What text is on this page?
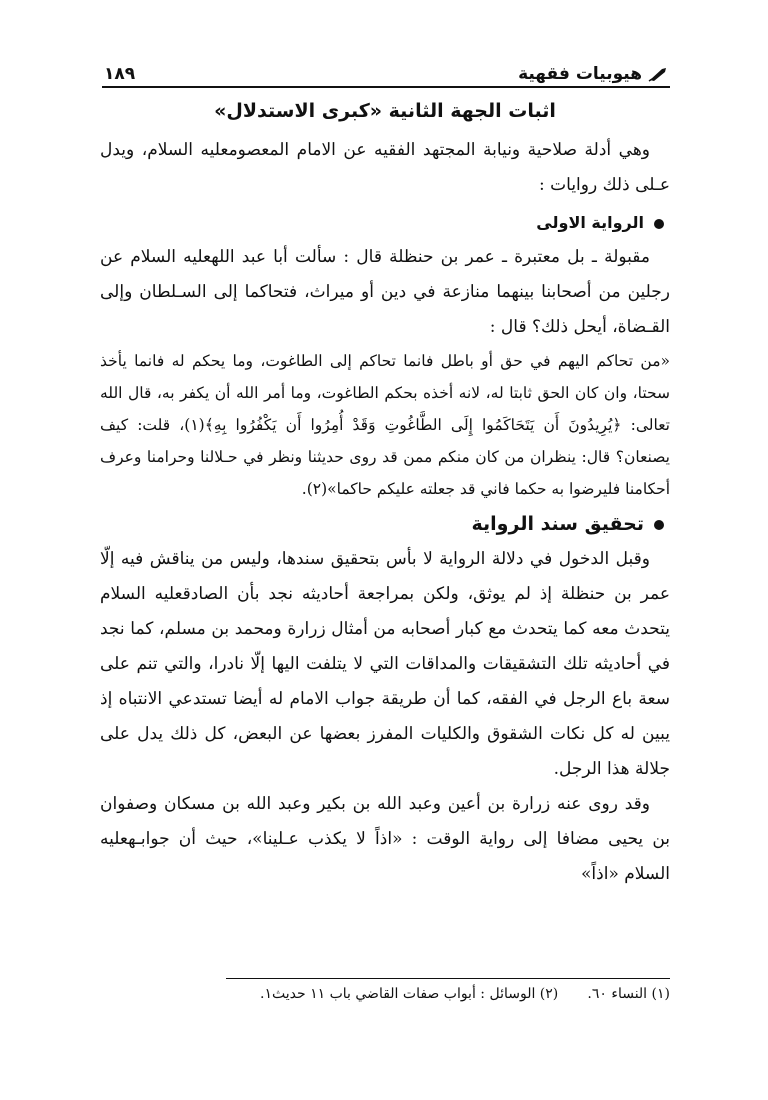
هيوبيات فقهية
١٨٩
اثبات الجهة الثانية «كبرى الاستدلال»

وهي أدلة صلاحية ونيابة المجتهد الفقيه عن الامام المعصومعليه السلام، ويدل عـلى ذلك روايات :

الرواية الاولى

مقبولة ـ بل معتبرة ـ عمر بن حنظلة قال : سألت أبا عبد اللهعليه السلام عن رجلين من أصحابنا بينهما منازعة في دين أو ميراث، فتحاكما إلى السـلطان وإلى القـضاة، أيحل ذلك؟ قال :

«من تحاكم اليهم في حق أو باطل فانما تحاكم إلى الطاغوت، وما يحكم له فانما يأخذ سحتا، وان كان الحق ثابتا له، لانه أخذه بحكم الطاغوت، وما أمر الله أن يكفر به، قال الله تعالى: ﴿يُرِيدُونَ أَن يَتَحَاكَمُوا إِلَى الطَّاغُوتِ وَقَدْ أُمِرُوا أَن يَكْفُرُوا بِهِ﴾(١)، قلت: كيف يصنعان؟ قال: ينظران من كان منكم ممن قد روى حديثنا ونظر في حـلالنا وحرامنا وعرف أحكامنا فليرضوا به حكما فاني قد جعلته عليكم حاكما»(٢).

تحقيق سند الرواية

وقبل الدخول في دلالة الرواية لا بأس بتحقيق سندها، وليس من يناقش فيه إلّا عمر بن حنظلة إذ لم يوثق، ولكن بمراجعة أحاديثه نجد بأن الصادقعليه السلام يتحدث معه كما يتحدث مع كبار أصحابه من أمثال زرارة ومحمد بن مسلم، كما نجد في أحاديثه تلك التشقيقات والمداقات التي لا يتلفت اليها إلّا نادرا، والتي تنم على سعة باع الرجل في الفقه، كما أن طريقة جواب الامام له أيضا تستدعي الانتباه إذ يبين له كل نكات الشقوق والكليات المفرز بعضها عن البعض، كل ذلك يدل على جلالة هذا الرجل.

وقد روى عنه زرارة بن أعين وعبد الله بن بكير وعبد الله بن مسكان وصفوان بن يحيى مضافا إلى رواية الوقت : «اذاً لا يكذب عـلينا»، حيث أن جوابـهعليه السلام «اذاً»

(١) النساء ٦٠.
(٢) الوسائل : أبواب صفات القاضي باب ١١ حديث١.
